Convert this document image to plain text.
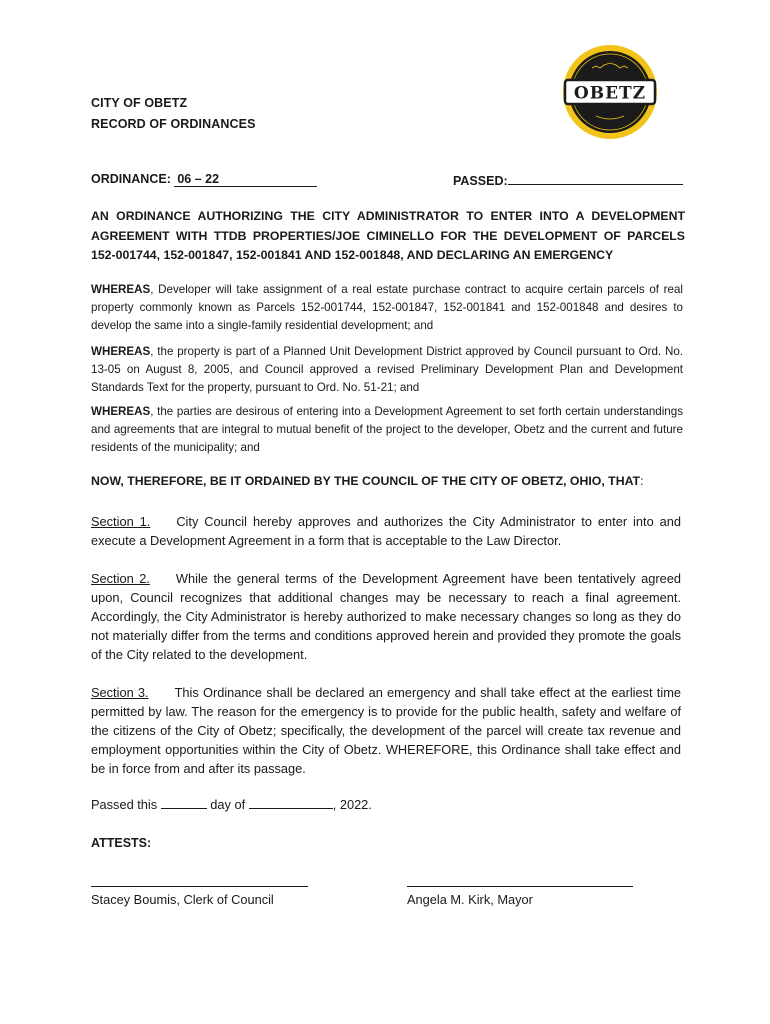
OBETZ
CITY OF OBETZ
RECORD OF ORDINANCES
ORDINANCE: 06 – 22	PASSED:
AN ORDINANCE AUTHORIZING THE CITY ADMINISTRATOR TO ENTER INTO A DEVELOPMENT AGREEMENT WITH TTDB PROPERTIES/JOE CIMINELLO FOR THE DEVELOPMENT OF PARCELS 152-001744, 152-001847, 152-001841 AND 152-001848, AND DECLARING AN EMERGENCY
WHEREAS, Developer will take assignment of a real estate purchase contract to acquire certain parcels of real property commonly known as Parcels 152-001744, 152-001847, 152-001841 and 152-001848 and desires to develop the same into a single-family residential development; and
WHEREAS, the property is part of a Planned Unit Development District approved by Council pursuant to Ord. No. 13-05 on August 8, 2005, and Council approved a revised Preliminary Development Plan and Development Standards Text for the property, pursuant to Ord. No. 51-21; and
WHEREAS, the parties are desirous of entering into a Development Agreement to set forth certain understandings and agreements that are integral to mutual benefit of the project to the developer, Obetz and the current and future residents of the municipality; and
NOW, THEREFORE, BE IT ORDAINED BY THE COUNCIL OF THE CITY OF OBETZ, OHIO, THAT:
Section 1. City Council hereby approves and authorizes the City Administrator to enter into and execute a Development Agreement in a form that is acceptable to the Law Director.
Section 2. While the general terms of the Development Agreement have been tentatively agreed upon, Council recognizes that additional changes may be necessary to reach a final agreement. Accordingly, the City Administrator is hereby authorized to make necessary changes so long as they do not materially differ from the terms and conditions approved herein and provided they promote the goals of the City related to the development.
Section 3. This Ordinance shall be declared an emergency and shall take effect at the earliest time permitted by law. The reason for the emergency is to provide for the public health, safety and welfare of the citizens of the City of Obetz; specifically, the development of the parcel will create tax revenue and employment opportunities within the City of Obetz. WHEREFORE, this Ordinance shall take effect and be in force from and after its passage.
Passed this	day of	, 2022.
ATTESTS:
Stacey Boumis, Clerk of Council	Angela M. Kirk, Mayor
